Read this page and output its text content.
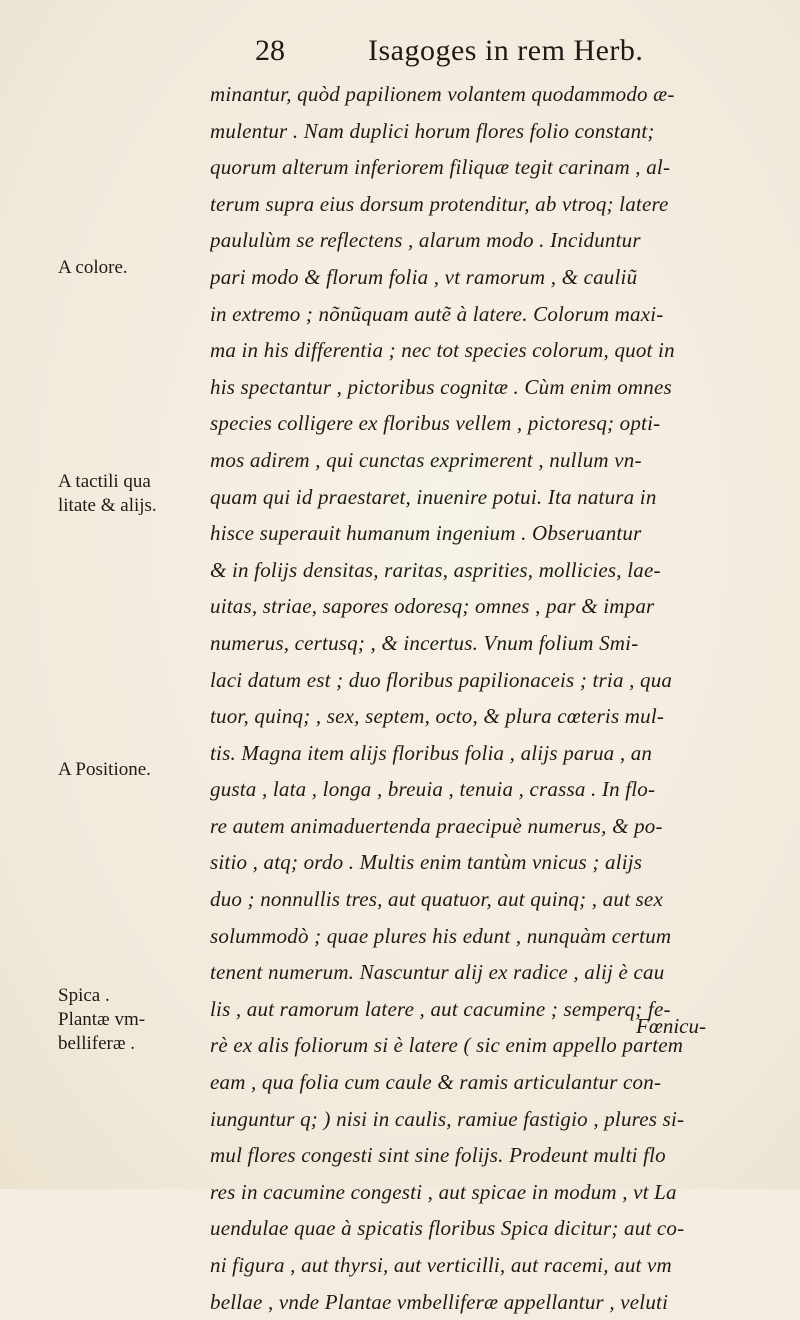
28	Isagoges in rem Herb.
A colore.
A tactili qua
litate & alijs.
A Positione.
Spica .
Plantæ vm-
belliferæ .
minantur, quòd papilionem volantem quodammodo æ-
mulentur . Nam duplici horum flores folio constant;
quorum alterum inferiorem filiquæ tegit carinam , al-
terum supra eius dorsum protenditur, ab vtroq; latere
paululùm se reflectens , alarum modo . Inciduntur
pari modo & florum folia , vt ramorum , & cauliũ
in extremo ; nõnũquam autẽ à latere. Colorum maxi-
ma in his differentia ; nec tot species colorum, quot in
his spectantur , pictoribus cognitæ . Cùm enim omnes
species colligere ex floribus vellem , pictoresq; opti-
mos adirem , qui cunctas exprimerent , nullum vn-
quam qui id praestaret, inuenire potui. Ita natura in
hisce superauit humanum ingenium . Obseruantur
& in folijs densitas, raritas, asprities, mollicies, lae-
uitas, striae, sapores odoresq; omnes , par & impar
numerus, certusq; , & incertus. Vnum folium Smi-
laci datum est ; duo floribus papilionaceis ; tria , qua
tuor, quinq; , sex, septem, octo, & plura cœteris mul-
tis. Magna item alijs floribus folia , alijs parua , an
gusta , lata , longa , breuia , tenuia , crassa . In flo-
re autem animaduertenda praecipuè numerus, & po-
sitio , atq; ordo . Multis enim tantùm vnicus ; alijs
duo ; nonnullis tres, aut quatuor, aut quinq; , aut sex
solummodò ; quae plures his edunt , nunquàm certum
tenent numerum. Nascuntur alij ex radice , alij è cau
lis , aut ramorum latere , aut cacumine ; semperq; fe-
rè ex alis foliorum si è latere ( sic enim appello partem
eam , qua folia cum caule & ramis articulantur con-
iunguntur q; ) nisi in caulis, ramiue fastigio , plures si-
mul flores congesti sint sine folijs. Prodeunt multi flo
res in cacumine congesti , aut spicae in modum , vt La
uendulae quae à spicatis floribus Spica dicitur; aut co-
ni figura , aut thyrsi, aut verticilli, aut racemi, aut vm
bellae , vnde Plantae vmbelliferæ appellantur , veluti
Fœnicu-
